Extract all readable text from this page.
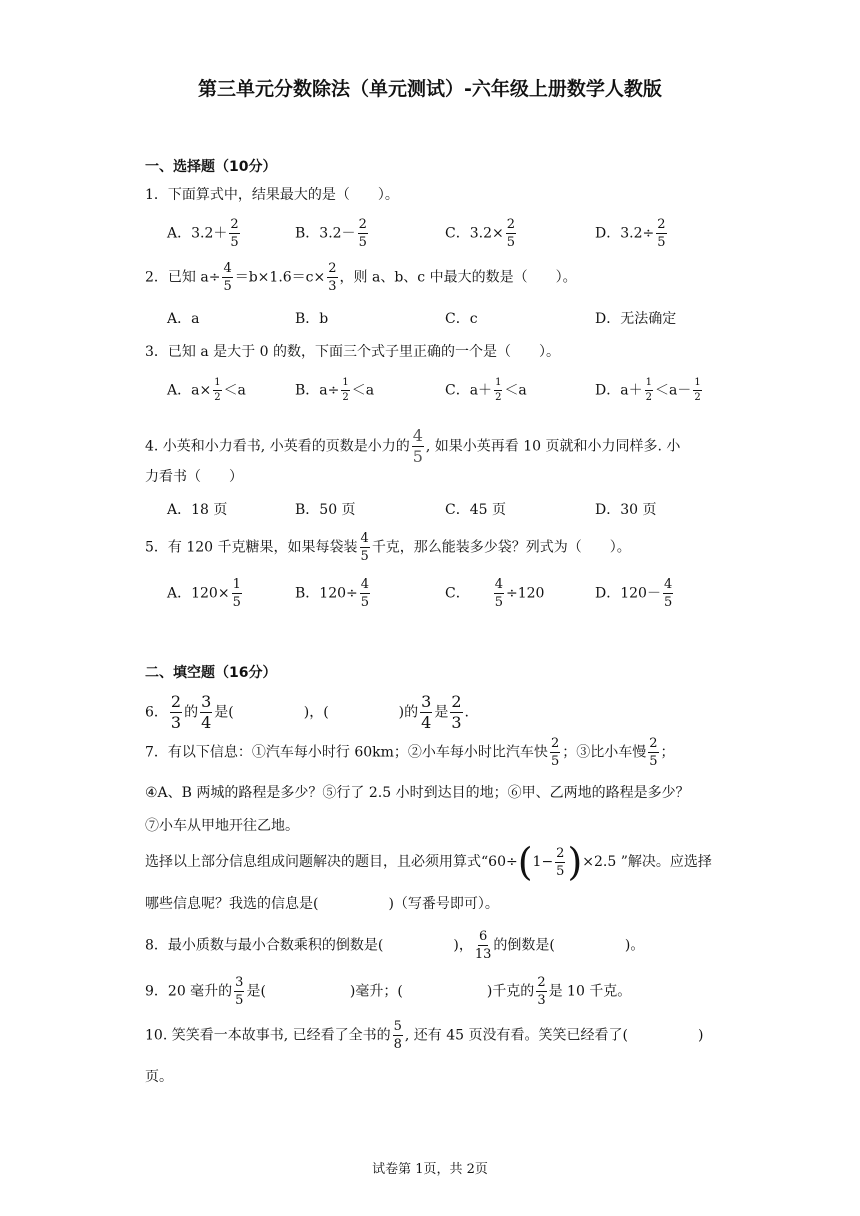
第三单元分数除法（单元测试）-六年级上册数学人教版
一、选择题（10分）
1．下面算式中，结果最大的是（　　）。
A．$3.2+ \frac{2}{5}$	B．$3.2- \frac{2}{5}$	C．$3.2\times \frac{2}{5}$	D．$3.2\div \frac{2}{5}$
2．已知 $a\div \frac{4}{5} =b\times 1.6=c\times \frac{2}{3}$ ，则 a、b、c 中最大的数是（　　）。
A．a	B．b	C．c	D．无法确定
3．已知 a 是大于 0 的数，下面三个式子里正确的一个是（　　）。
A．$a\times \frac{1}{2} <a$	B．$a\div \frac{1}{2} <a$	C．$a+ \frac{1}{2} <a$	D．$a+ \frac{1}{2} <a- \frac{1}{2}$
4. 小英和小力看书, 小英看的页数是小力的 $\frac{4}{5}$ , 如果小英再看 10 页就和小力同样多. 小
力看书（　　）
A．18 页	B．50 页	C．45 页	D．30 页
5．有 120 千克糖果，如果每袋装 $\frac{4}{5}$ 千克，那么能装多少袋？列式为（　　）。
A．$120\times \frac{1}{5}$	B．$120\div \frac{4}{5}$	C． $\frac{4}{5} \div 120$	D．$120- \frac{4}{5}$
二、填空题（16分）
6． $\frac{2}{3}$ 的 $\frac{3}{4}$ 是(　　　　　)，(　　　　　)的 $\frac{3}{4}$ 是 $\frac{2}{3}$ .
7．有以下信息：①汽车每小时行 60km；②小车每小时比汽车快 $\frac{2}{5}$ ；③比小车慢 $\frac{2}{5}$ ；
④A、B 两城的路程是多少？⑤行了 2.5 小时到达目的地；⑥甲、乙两地的路程是多少？
⑦小车从甲地开往乙地。
选择以上部分信息组成问题解决的题目，且必须用算式“$60\div(1- \frac{2}{5} )\times 2.5$ ”解决。应选择
哪些信息呢？我选的信息是(　　　　　)（写番号即可）。
8．最小质数与最小合数乘积的倒数是(　　　　　)， $\frac{6}{13}$ 的倒数是(　　　　　)。
9．20 毫升的 $\frac{3}{5}$ 是(　　　　　　)毫升；(　　　　　　)千克的 $\frac{2}{3}$ 是 10 千克。
10. 笑笑看一本故事书, 已经看了全书的 $\frac{5}{8}$ , 还有 45 页没有看。笑笑已经看了(　　　　　)
页。
试卷第 1页，共 2页
